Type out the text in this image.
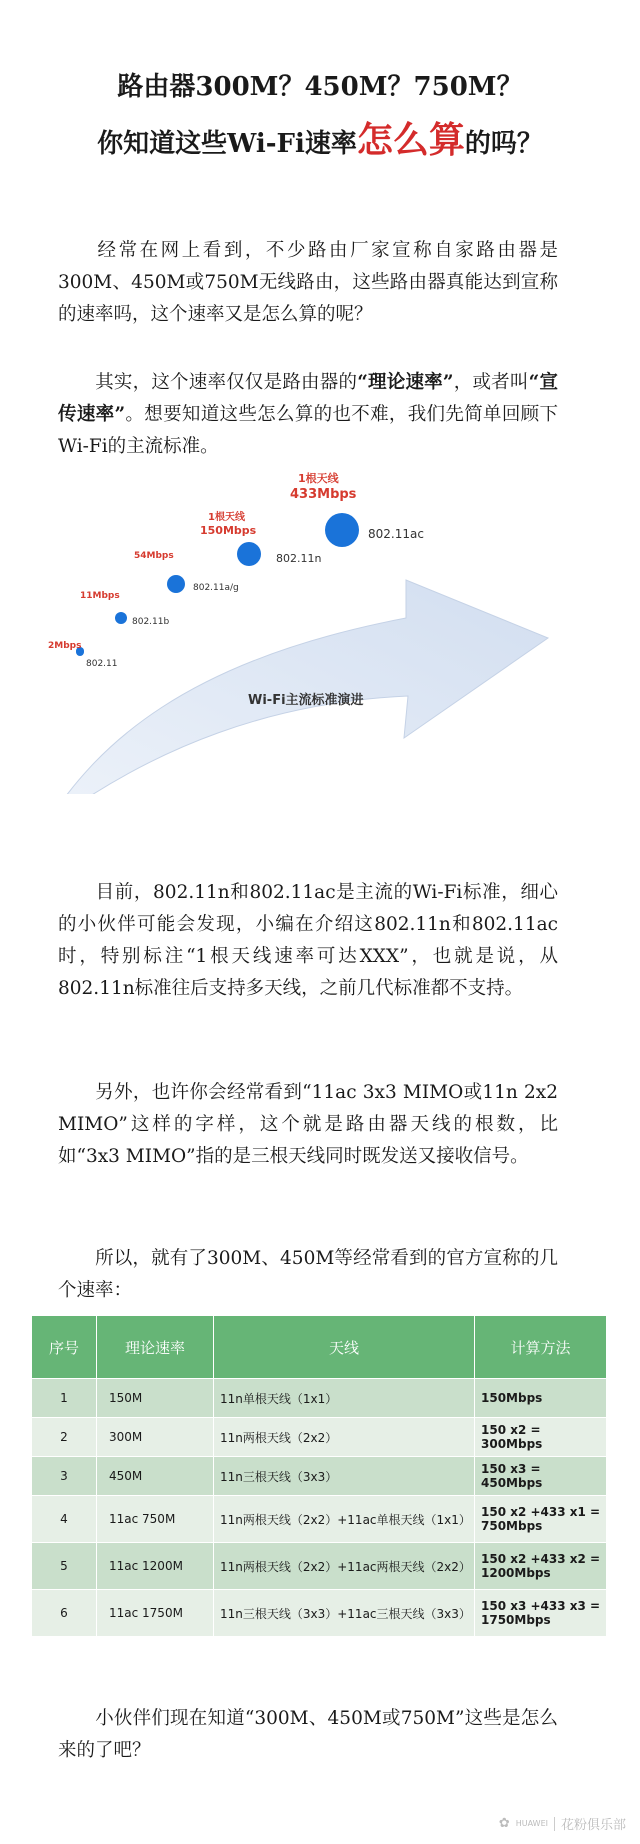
路由器300M？450M？750M？
你知道这些Wi-Fi速率怎么算的吗？

经常在网上看到，不少路由厂家宣称自家路由器是300M、450M或750M无线路由，这些路由器真能达到宣称的速率吗，这个速率又是怎么算的呢？

其实，这个速率仅仅是路由器的“理论速率”，或者叫“宣传速率”。想要知道这些怎么算的也不难，我们先简单回顾下Wi-Fi的主流标准。

802.11
802.11b
802.11a/g
802.11n
802.11ac
2Mbps
11Mbps
54Mbps
1根天线
150Mbps
Wi-Fi主流标准演进
1根天线
433Mbps

目前，802.11n和802.11ac是主流的Wi-Fi标准，细心的小伙伴可能会发现，小编在介绍这802.11n和802.11ac时，特别标注“1根天线速率可达XXX”，也就是说，从802.11n标准往后支持多天线，之前几代标准都不支持。

另外，也许你会经常看到“11ac 3x3 MIMO或11n 2x2 MIMO”这样的字样，这个就是路由器天线的根数，比如“3x3 MIMO”指的是三根天线同时既发送又接收信号。

所以，就有了300M、450M等经常看到的官方宣称的几个速率：

序号	理论速率	天线	计算方法
1	150M	11n单根天线（1x1）	150Mbps
2	300M	11n两根天线（2x2）	150 x2 = 300Mbps
3	450M	11n三根天线（3x3）	150 x3 = 450Mbps
4	11ac 750M	11n两根天线（2x2）+11ac单根天线（1x1）	150 x2 +433 x1 = 750Mbps
5	11ac 1200M	11n两根天线（2x2）+11ac两根天线（2x2）	150 x2 +433 x2 = 1200Mbps
6	11ac 1750M	11n三根天线（3x3）+11ac三根天线（3x3）	150 x3 +433 x3 = 1750Mbps

小伙伴们现在知道“300M、450M或750M”这些是怎么来的了吧？

✿ HUAWEI 花粉俱乐部
